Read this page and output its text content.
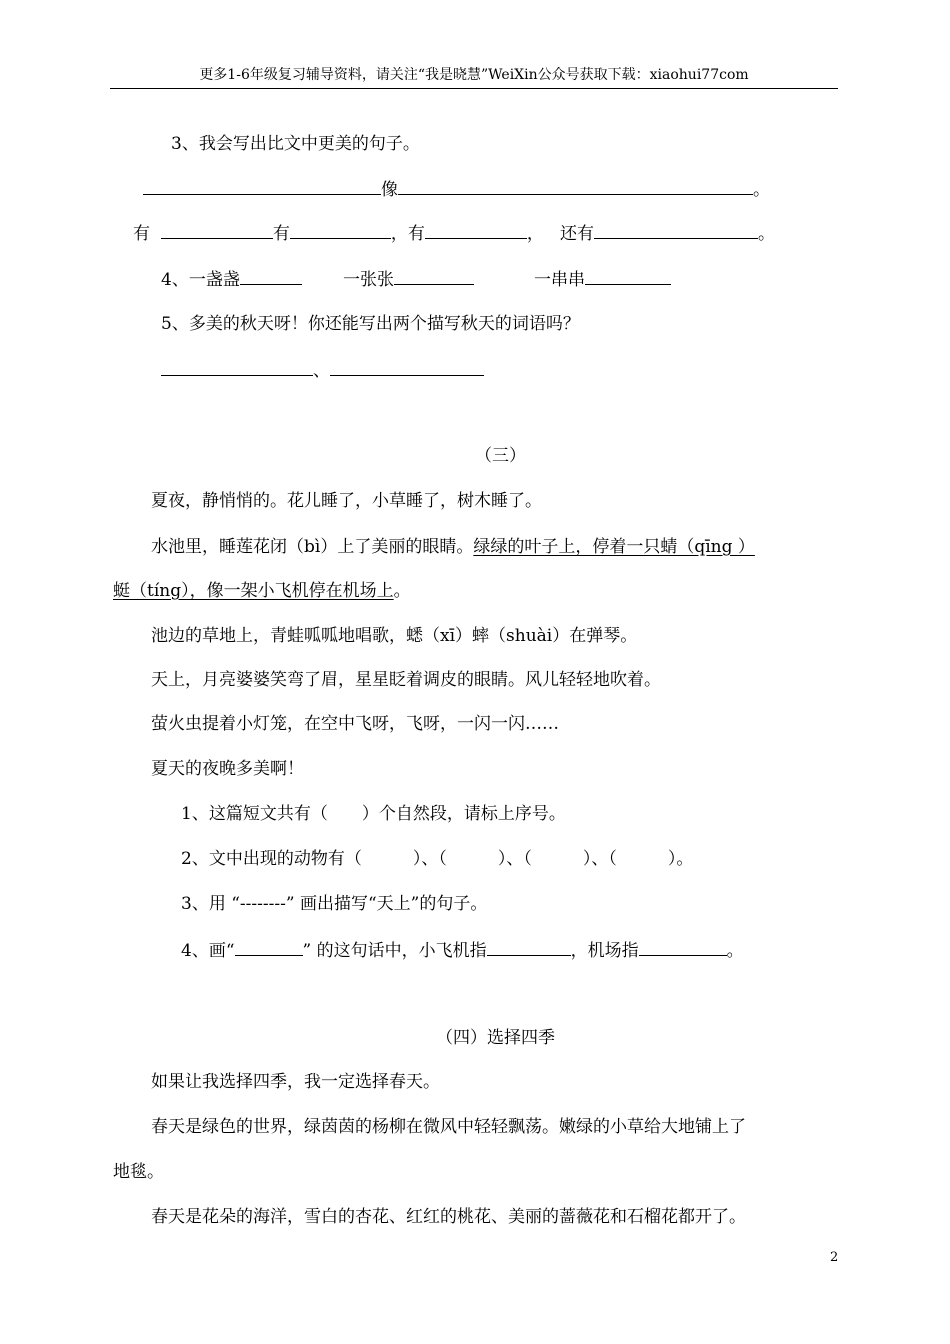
更多1-6年级复习辅导资料，请关注“我是晓慧”WeiXin公众号获取下载：xiaohui77com
3、我会写出比文中更美的句子。
像	。
有	有	，有	， 还有	。
4、一盏盏	一张张	一串串
5、多美的秋天呀！你还能写出两个描写秋天的词语吗？
、
（三）
夏夜，静悄悄的。花儿睡了，小草睡了，树木睡了。
水池里，睡莲花闭（bì）上了美丽的眼睛。绿绿的叶子上，停着一只蜻（qīng ）
蜓（tíng），像一架小飞机停在机场上。
池边的草地上，青蛙呱呱地唱歌，蟋（xī）蟀（shuài）在弹琴。
天上，月亮婆婆笑弯了眉，星星眨着调皮的眼睛。风儿轻轻地吹着。
萤火虫提着小灯笼，在空中飞呀，飞呀，一闪一闪……
夏天的夜晚多美啊！
1、这篇短文共有（　　）个自然段，请标上序号。
2、文中出现的动物有（　　　）、（　　　）、（　　　）、（　　　）。
3、用 “--------” 画出描写“天上”的句子。
4、画“	” 的这句话中，小飞机指	，机场指	。
（四）选择四季
如果让我选择四季，我一定选择春天。
春天是绿色的世界，绿茵茵的杨柳在微风中轻轻飘荡。嫩绿的小草给大地铺上了
地毯。
春天是花朵的海洋，雪白的杏花、红红的桃花、美丽的蔷薇花和石榴花都开了。
2
